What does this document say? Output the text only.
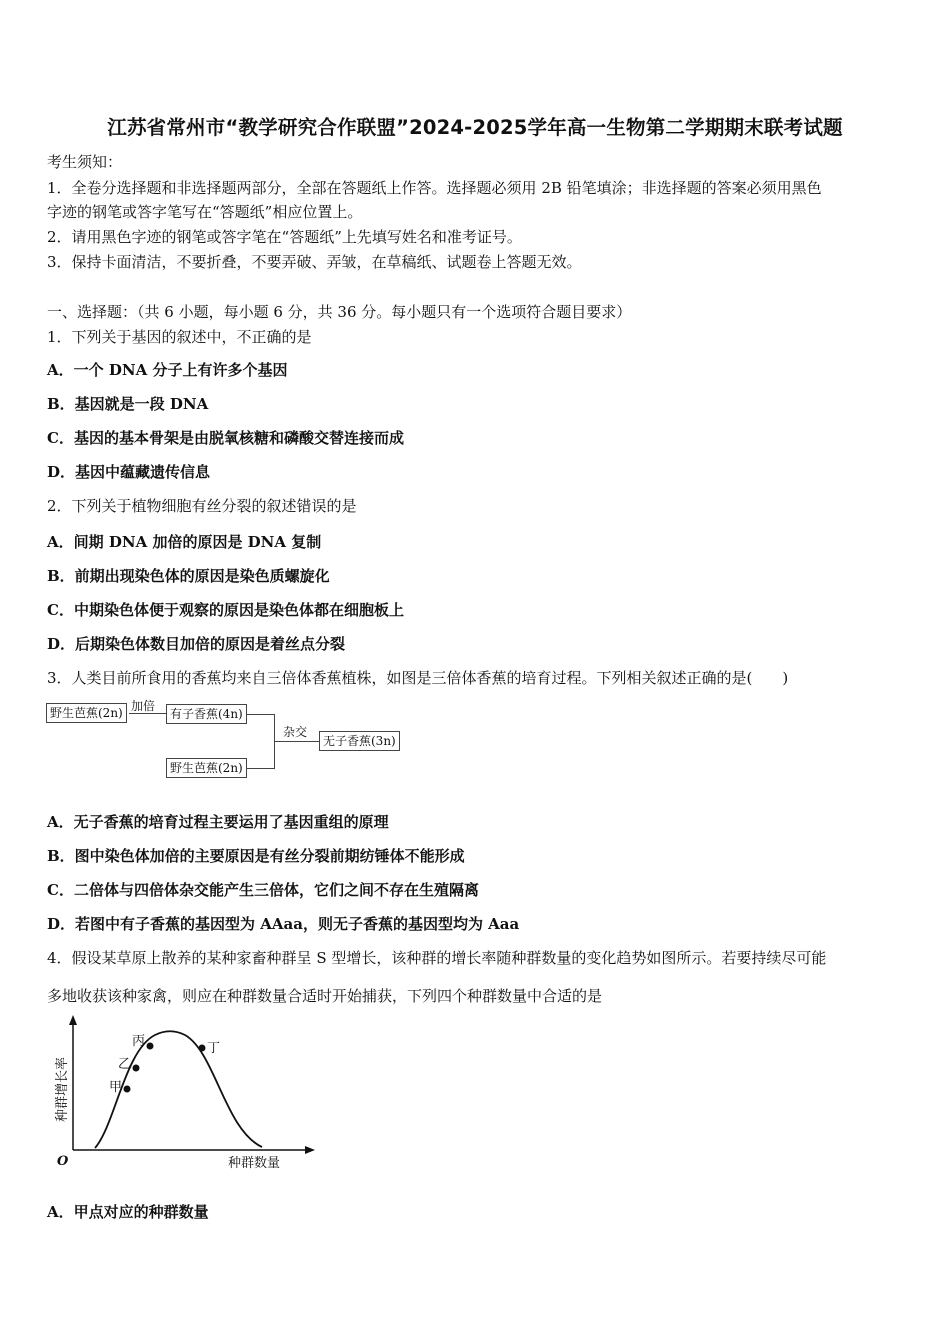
江苏省常州市“教学研究合作联盟”2024-2025学年高一生物第二学期期末联考试题
考生须知：
1．全卷分选择题和非选择题两部分，全部在答题纸上作答。选择题必须用 2B 铅笔填涂；非选择题的答案必须用黑色
字迹的钢笔或答字笔写在“答题纸”相应位置上。
2．请用黑色字迹的钢笔或答字笔在“答题纸”上先填写姓名和准考证号。
3．保持卡面清洁，不要折叠，不要弄破、弄皱，在草稿纸、试题卷上答题无效。
一、选择题：（共 6 小题，每小题 6 分，共 36 分。每小题只有一个选项符合题目要求）
1．下列关于基因的叙述中，不正确的是
A．一个 DNA 分子上有许多个基因
B．基因就是一段 DNA
C．基因的基本骨架是由脱氧核糖和磷酸交替连接而成
D．基因中蕴藏遗传信息
2．下列关于植物细胞有丝分裂的叙述错误的是
A．间期 DNA 加倍的原因是 DNA 复制
B．前期出现染色体的原因是染色质螺旋化
C．中期染色体便于观察的原因是染色体都在细胞板上
D．后期染色体数目加倍的原因是着丝点分裂
3．人类目前所食用的香蕉均来自三倍体香蕉植株，如图是三倍体香蕉的培育过程。下列相关叙述正确的是(　　)
野生芭蕉(2n) 加倍
有子香蕉(4n)
野生芭蕉(2n)
杂交
无子香蕉(3n)
A．无子香蕉的培育过程主要运用了基因重组的原理
B．图中染色体加倍的主要原因是有丝分裂前期纺锤体不能形成
C．二倍体与四倍体杂交能产生三倍体，它们之间不存在生殖隔离
D．若图中有子香蕉的基因型为 AAaa，则无子香蕉的基因型均为 Aaa
4．假设某草原上散养的某种家畜种群呈 S 型增长，该种群的增长率随种群数量的变化趋势如图所示。若要持续尽可能
多地收获该种家禽，则应在种群数量合适时开始捕获，下列四个种群数量中合适的是
甲
乙
丙	丁
O	种群数量
种群增长率
A．甲点对应的种群数量
